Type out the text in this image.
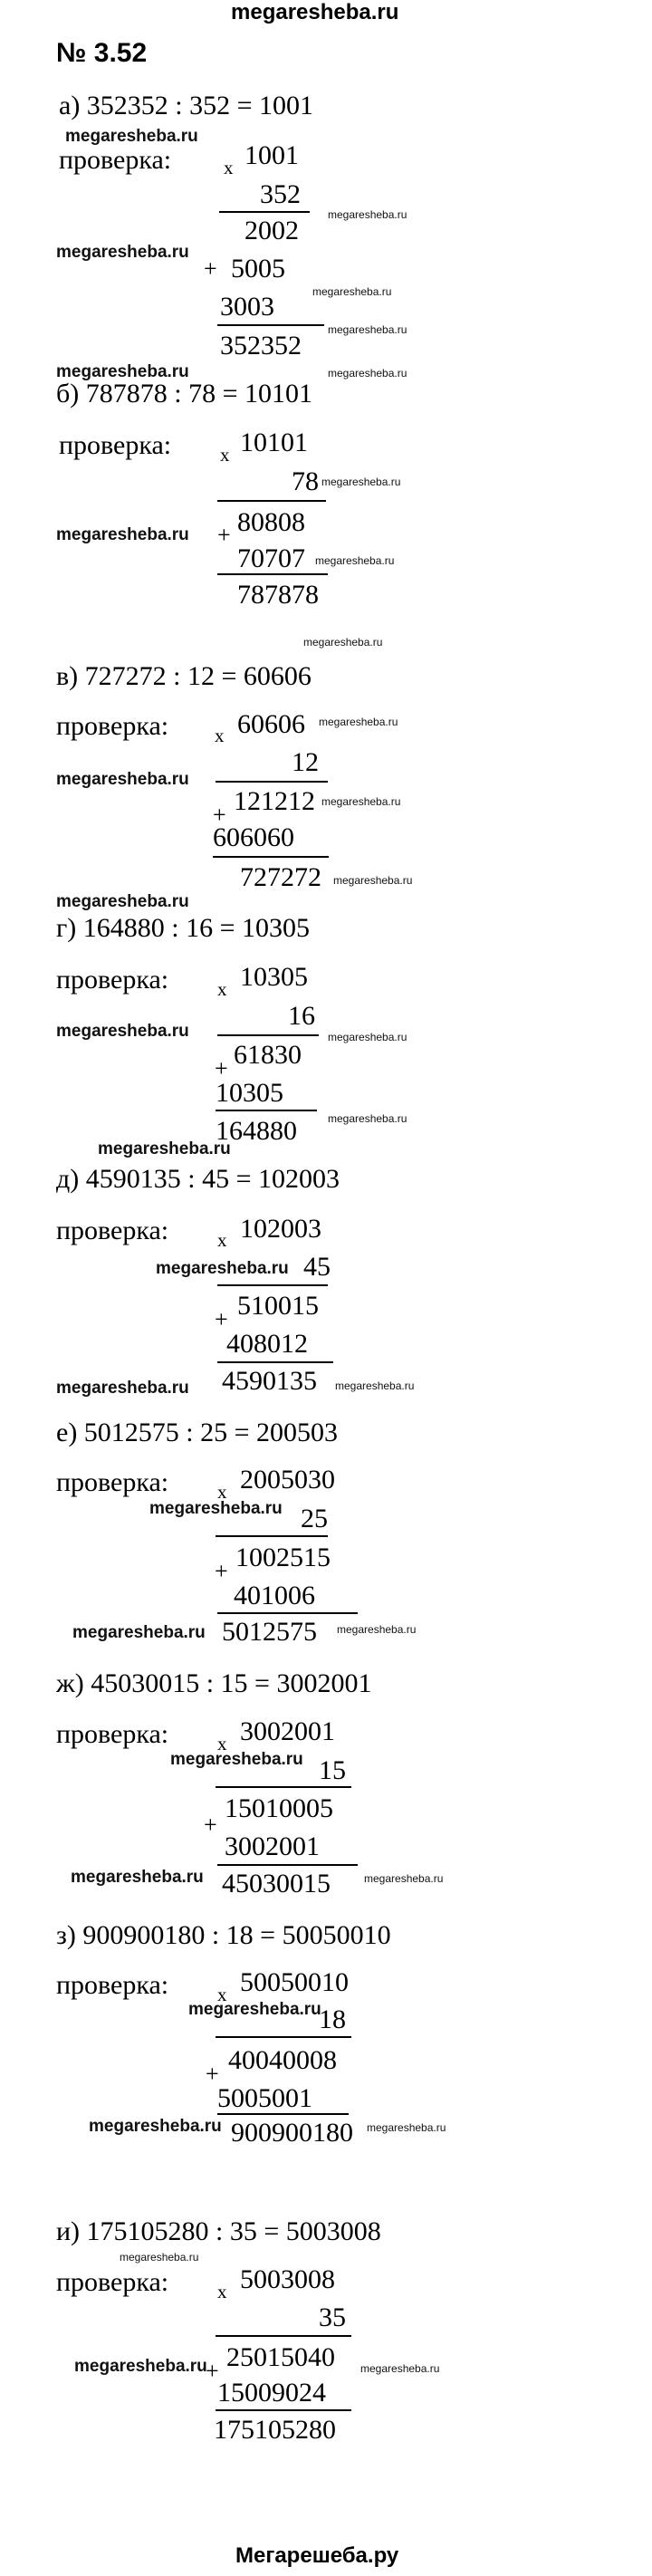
megaresheba.ru
№ 3.52
а) 352352 : 352 = 1001
megaresheba.ru
проверка:	x 1001
352
megaresheba.ru
2002
megaresheba.ru
+ 5005
megaresheba.ru
3003
megaresheba.ru
352352
megaresheba.ru	megaresheba.ru
б) 787878 : 78 = 10101
проверка:	x 10101
78 megaresheba.ru
megaresheba.ru + 80808
70707 megaresheba.ru
787878
megaresheba.ru
в) 727272 : 12 = 60606
проверка: x 60606 megaresheba.ru
12
megaresheba.ru
+ 121212 megaresheba.ru
606060
727272 megaresheba.ru
megaresheba.ru
г) 164880 : 16 = 10305
проверка:	x 10305
16
megaresheba.ru	megaresheba.ru
+ 61830
10305
megaresheba.ru
164880
megaresheba.ru
д) 4590135 : 45 = 102003
проверка:	x 102003
megaresheba.ru 45
+ 510015
408012
megaresheba.ru 4590135 megaresheba.ru
е) 5012575 : 25 = 200503
проверка:	x 2005030
megaresheba.ru 25
+ 1002515
401006
megaresheba.ru 5012575 megaresheba.ru
ж) 45030015 : 15 = 3002001
проверка:	x 3002001
megaresheba.ru 15
+
15010005
3002001
megaresheba.ru 45030015	megaresheba.ru
з) 900900180 : 18 = 50050010
проверка:	x 50050010
megaresheba.ru
18
+ 40040008
5005001
megaresheba.ru 900900180 megaresheba.ru
и) 175105280 : 35 = 5003008
megaresheba.ru
проверка:	x 5003008
35
megaresheba.ru
+ 25015040 megaresheba.ru
15009024
175105280
Мегарешеба.ру
